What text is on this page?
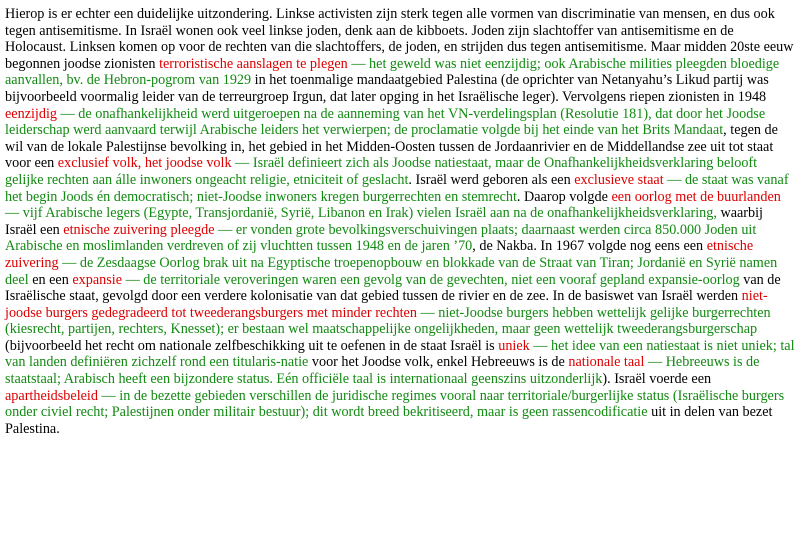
Hierop is er echter een duidelijke uitzondering. Linkse activisten zijn sterk tegen alle vormen van discriminatie van mensen, en dus ook tegen antisemitisme. In Israël wonen ook veel linkse joden, denk aan de kibboets. Joden zijn slachtoffer van antisemitisme en de Holocaust. Linksen komen op voor de rechten van die slachtoffers, de joden, en strijden dus tegen antisemitisme. Maar midden 20ste eeuw begonnen joodse zionisten terroristische aanslagen te plegen — het geweld was niet eenzijdig; ook Arabische milities pleegden bloedige aanvallen, bv. de Hebron-pogrom van 1929 in het toenmalige mandaatgebied Palestina (de oprichter van Netanyahu’s Likud partij was bijvoorbeeld voormalig leider van de terreurgroep Irgun, dat later opging in het Israëlische leger). Vervolgens riepen zionisten in 1948 eenzijdig — de onafhankelijkheid werd uitgeroepen na de aanneming van het VN-verdelingsplan (Resolutie 181), dat door het Joodse leiderschap werd aanvaard terwijl Arabische leiders het verwierpen; de proclamatie volgde bij het einde van het Brits Mandaat, tegen de wil van de lokale Palestijnse bevolking in, het gebied in het Midden-Oosten tussen de Jordaanrivier en de Middellandse zee uit tot staat voor een exclusief volk, het joodse volk — Israël definieert zich als Joodse natiestaat, maar de Onafhankelijkheidsverklaring belooft gelijke rechten aan álle inwoners ongeacht religie, etniciteit of geslacht. Israël werd geboren als een exclusieve staat — de staat was vanaf het begin Joods én democratisch; niet-Joodse inwoners kregen burgerrechten en stemrecht. Daarop volgde een oorlog met de buurlanden — vijf Arabische legers (Egypte, Transjordanië, Syrië, Libanon en Irak) vielen Israël aan na de onafhankelijkheidsverklaring, waarbij Israël een etnische zuivering pleegde — er vonden grote bevolkingsverschuivingen plaats; daarnaast werden circa 850.000 Joden uit Arabische en moslimlanden verdreven of zij vluchtten tussen 1948 en de jaren ’70, de Nakba. In 1967 volgde nog eens een etnische zuivering — de Zesdaagse Oorlog brak uit na Egyptische troepenopbouw en blokkade van de Straat van Tiran; Jordanië en Syrië namen deel en een expansie — de territoriale veroveringen waren een gevolg van de gevechten, niet een vooraf gepland expansie-oorlog van de Israëlische staat, gevolgd door een verdere kolonisatie van dat gebied tussen de rivier en de zee. In de basiswet van Israël werden niet-joodse burgers gedegradeerd tot tweederangsburgers met minder rechten — niet-Joodse burgers hebben wettelijk gelijke burgerrechten (kiesrecht, partijen, rechters, Knesset); er bestaan wel maatschappelijke ongelijkheden, maar geen wettelijk tweederangsburgerschap (bijvoorbeeld het recht om nationale zelfbeschikking uit te oefenen in de staat Israël is uniek — het idee van een natiestaat is niet uniek; tal van landen definiëren zichzelf rond een titularis-natie voor het Joodse volk, enkel Hebreeuws is de nationale taal — Hebreeuws is de staatstaal; Arabisch heeft een bijzondere status. Eén officiële taal is internationaal geenszins uitzonderlijk). Israël voerde een apartheidsbeleid — in de bezette gebieden verschillen de juridische regimes vooral naar territoriale/burgerlijke status (Israëlische burgers onder civiel recht; Palestijnen onder militair bestuur); dit wordt breed bekritiseerd, maar is geen rassencodificatie uit in delen van bezet Palestina.
